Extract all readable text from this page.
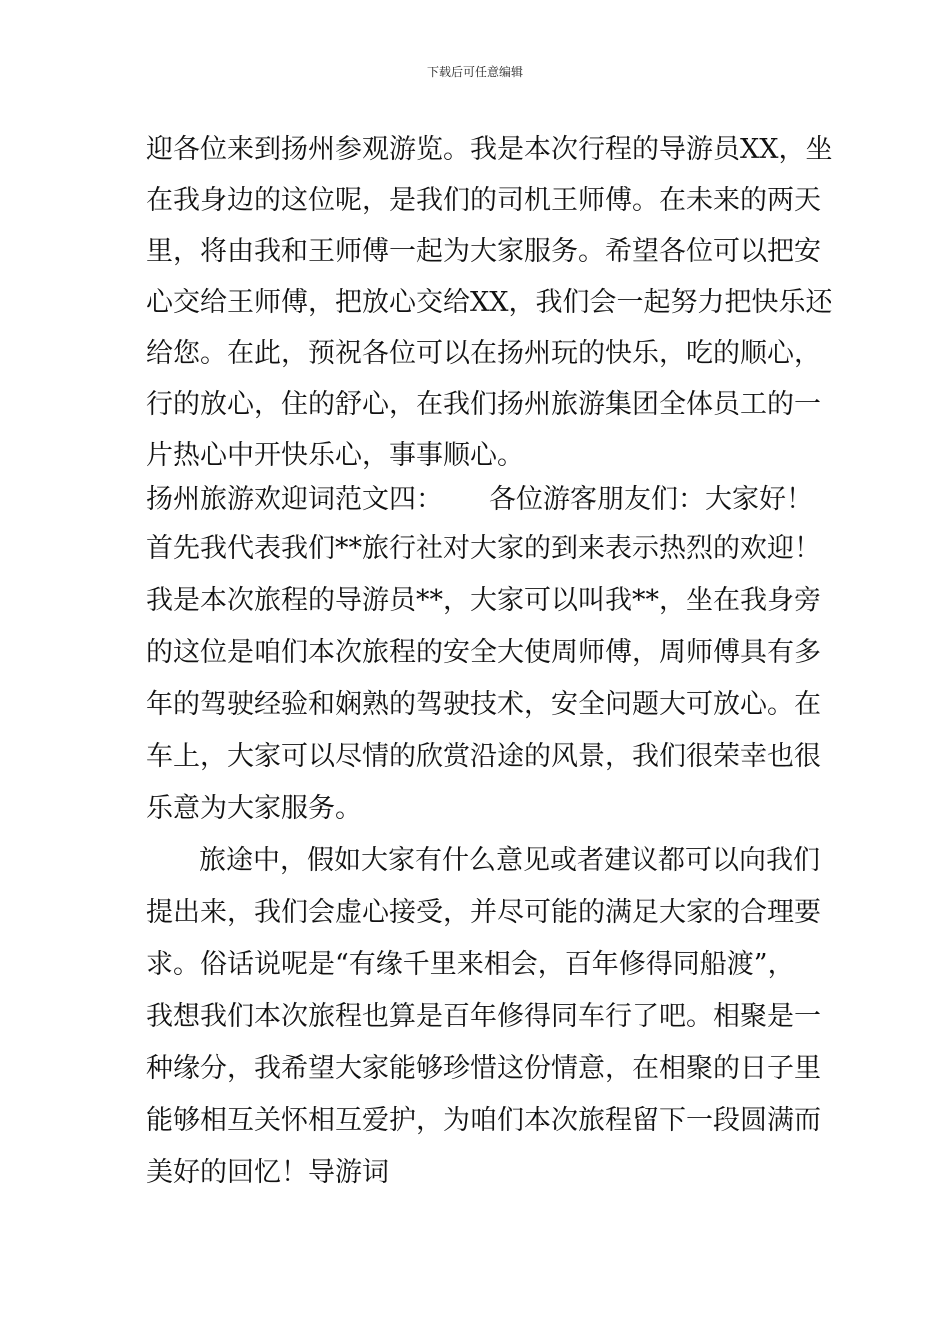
下载后可任意编辑
迎各位来到扬州参观游览。我是本次行程的导游员XX，坐
在我身边的这位呢，是我们的司机王师傅。在未来的两天
里，将由我和王师傅一起为大家服务。希望各位可以把安
心交给王师傅，把放心交给XX，我们会一起努力把快乐还
给您。在此，预祝各位可以在扬州玩的快乐，吃的顺心，
行的放心，住的舒心，在我们扬州旅游集团全体员工的一
片热心中开快乐心，事事顺心。
扬州旅游欢迎词范文四： 各位游客朋友们：大家好！
首先我代表我们**旅行社对大家的到来表示热烈的欢迎！
我是本次旅程的导游员**，大家可以叫我**，坐在我身旁
的这位是咱们本次旅程的安全大使周师傅，周师傅具有多
年的驾驶经验和娴熟的驾驶技术，安全问题大可放心。在
车上，大家可以尽情的欣赏沿途的风景，我们很荣幸也很
乐意为大家服务。
旅途中，假如大家有什么意见或者建议都可以向我们
提出来，我们会虚心接受，并尽可能的满足大家的合理要
求。俗话说呢是“有缘千里来相会，百年修得同船渡”，
我想我们本次旅程也算是百年修得同车行了吧。相聚是一
种缘分，我希望大家能够珍惜这份情意，在相聚的日子里
能够相互关怀相互爱护，为咱们本次旅程留下一段圆满而
美好的回忆！导游词
